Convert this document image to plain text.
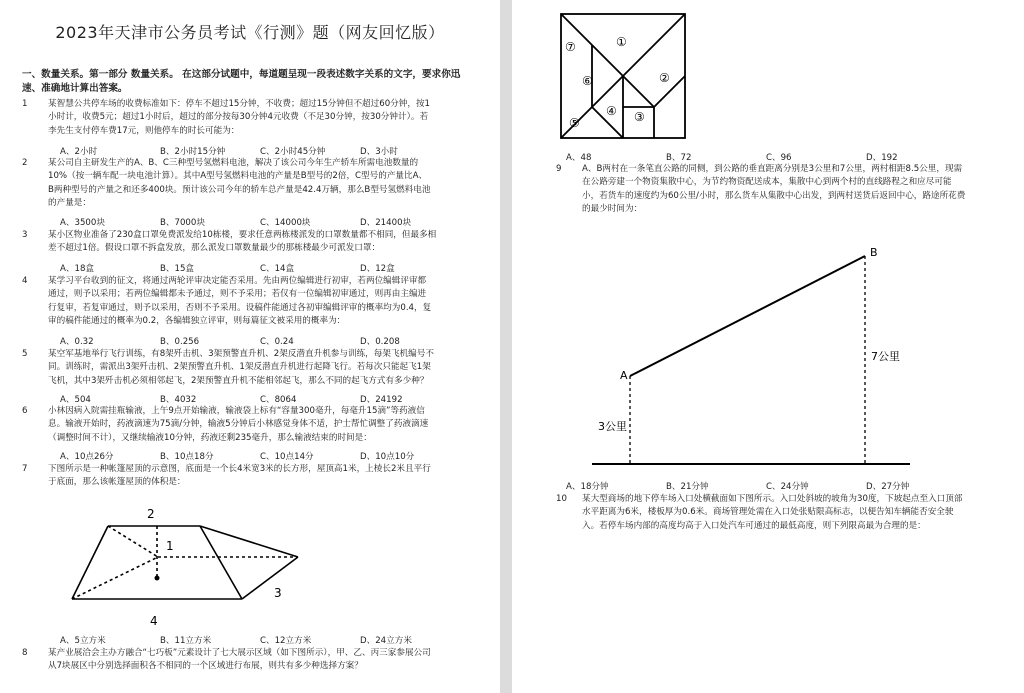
2023年天津市公务员考试《行测》题（网友回忆版）
一、数量关系。第一部分 数量关系。 在这部分试题中，每道题呈现一段表述数字关系的文字，要求你迅速、准确地计算出答案。
1	某智慧公共停车场的收费标准如下：停车不超过15分钟，不收费；超过15分钟但不超过60分钟，按1
小时计，收费5元；超过1小时后，超过的部分按每30分钟4元收费（不足30分钟，按30分钟计）。若
李先生支付停车费17元，则他停车的时长可能为：
A、2小时	B、2小时15分钟	C、2小时45分钟	D、3小时
2	某公司自主研发生产的A、B、C三种型号氢燃料电池，解决了该公司今年生产轿车所需电池数量的
10%（按一辆车配一块电池计算）。其中A型号氢燃料电池的产量是B型号的2倍，C型号的产量比A、
B两种型号的产量之和还多400块。预计该公司今年的轿车总产量是42.4万辆，那么B型号氢燃料电池
的产量是：
A、3500块	B、7000块	C、14000块	D、21400块
3	某小区物业准备了230盒口罩免费派发给10栋楼，要求任意两栋楼派发的口罩数量都不相同，但最多相
差不超过1倍。假设口罩不拆盒发放，那么派发口罩数量最少的那栋楼最少可派发口罩：
A、18盒	B、15盒	C、14盒	D、12盒
4	某学习平台收到的征文，将通过两轮评审决定能否采用。先由两位编辑进行初审，若两位编辑评审都
通过，则予以采用；若两位编辑都未予通过，则不予采用；若仅有一位编辑初审通过，则再由主编进
行复审，若复审通过，则予以采用，否则不予采用。设稿件能通过各初审编辑评审的概率均为0.4，复
审的稿件能通过的概率为0.2，各编辑独立评审，则每篇征文被采用的概率为：
A、0.32	B、0.256	C、0.24	D、0.208
5	某空军基地举行飞行训练，有8架歼击机、3架预警直升机、2架反潜直升机参与训练，每架飞机编号不
同。训练时，需派出3架歼击机、2架预警直升机、1架反潜直升机进行起降飞行。若每次只能起飞1架
飞机，其中3架歼击机必须相邻起飞，2架预警直升机不能相邻起飞，那么不同的起飞方式有多少种？
A、504	B、4032	C、8064	D、24192
6	小林因病入院需挂瓶输液，上午9点开始输液，输液袋上标有“容量300毫升，每毫升15滴”等药液信
息。输液开始时，药液滴速为75滴/分钟，输液5分钟后小林感觉身体不适，护士帮忙调整了药液滴速
（调整时间不计），又继续输液10分钟，药液还剩235毫升，那么输液结束的时间是：
A、10点26分	B、10点18分	C、10点14分	D、10点10分
7	下图所示是一种帐篷屋顶的示意图，底面是一个长4米宽3米的长方形，屋顶高1米，上棱长2米且平行
于底面，那么该帐篷屋顶的体积是：
2
1
3
4
A、5立方米	B、11立方米	C、12立方米	D、24立方米
8	某产业展洽会主办方融合“七巧板”元素设计了七大展示区域（如下图所示），甲、乙、丙三家参展公司
从7块展区中分别选择面积各不相同的一个区域进行布展，则共有多少种选择方案？
①
②
③
④
⑤
⑥
⑦
A、48	B、72	C、96	D、192
9	A、B两村在一条笔直公路的同侧，到公路的垂直距离分别是3公里和7公里，两村相距8.5公里，现需
在公路旁建一个物资集散中心，为节约物资配送成本，集散中心到两个村的直线路程之和应尽可能
小，若货车的速度约为60公里/小时，那么货车从集散中心出发，到两村送货后返回中心，路途所花费
的最少时间为：
A
B
3公里
7公里
A、18分钟	B、21分钟	C、24分钟	D、27分钟
10	某大型商场的地下停车场入口处横截面如下图所示。入口处斜坡的坡角为30度，下坡起点至入口顶部
水平距离为6米，楼板厚为0.6米。商场管理处需在入口处张贴限高标志，以便告知车辆能否安全驶
入。若停车场内部的高度均高于入口处汽车可通过的最低高度，则下列限高最为合理的是：
